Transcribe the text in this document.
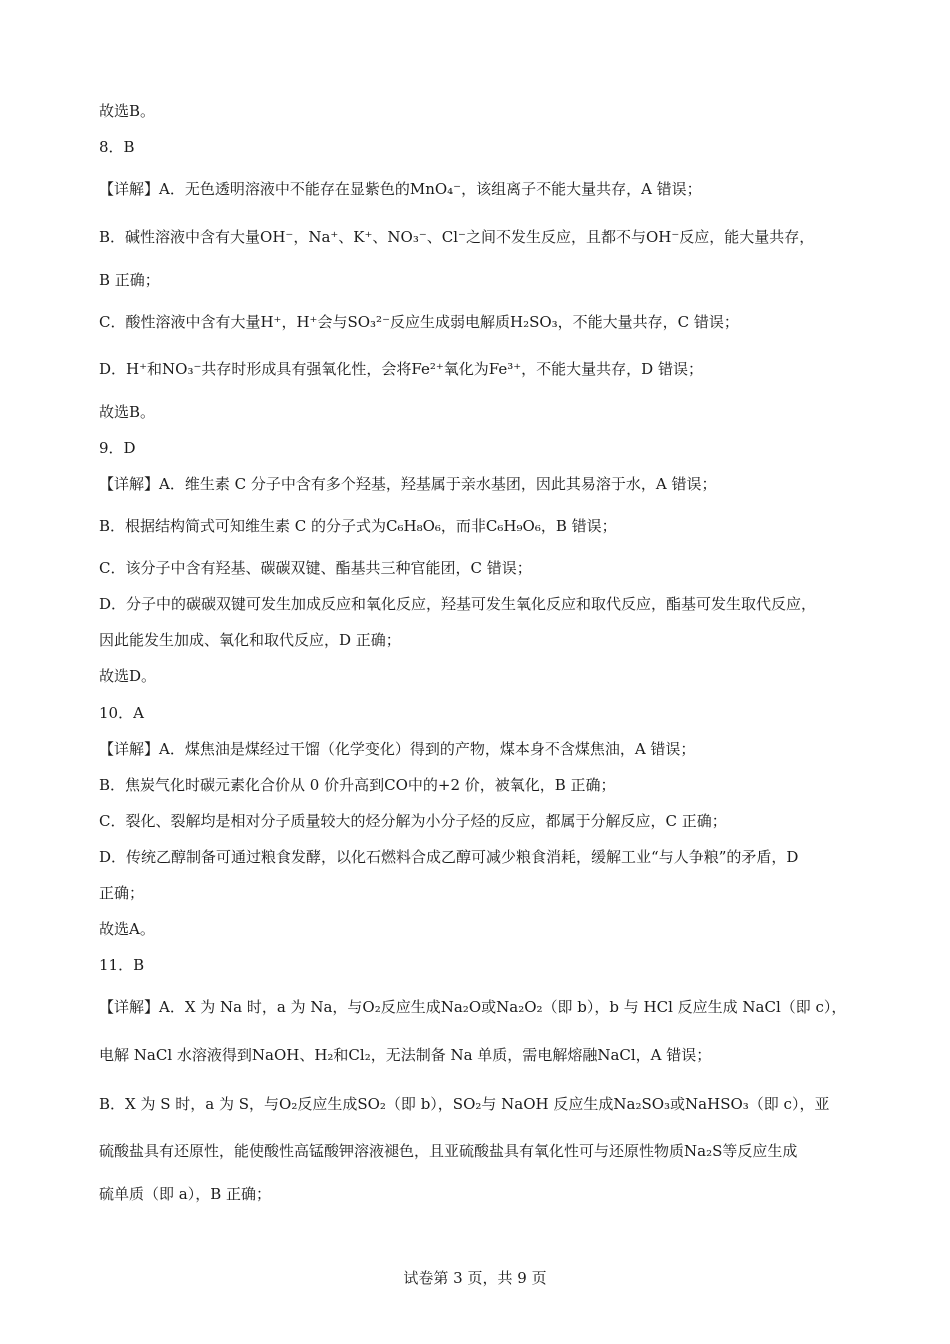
故选B。
8．B
【详解】A．无色透明溶液中不能存在显紫色的MnO₄⁻，该组离子不能大量共存，A 错误；
B．碱性溶液中含有大量OH⁻，Na⁺、K⁺、NO₃⁻、Cl⁻之间不发生反应，且都不与OH⁻反应，能大量共存，
B 正确；
C．酸性溶液中含有大量H⁺，H⁺会与SO₃²⁻反应生成弱电解质H₂SO₃，不能大量共存，C 错误；
D．H⁺和NO₃⁻共存时形成具有强氧化性，会将Fe²⁺氧化为Fe³⁺，不能大量共存，D 错误；
故选B。
9．D
【详解】A．维生素 C 分子中含有多个羟基，羟基属于亲水基团，因此其易溶于水，A 错误；
B．根据结构简式可知维生素 C 的分子式为C₆H₈O₆，而非C₆H₉O₆，B 错误；
C．该分子中含有羟基、碳碳双键、酯基共三种官能团，C 错误；
D．分子中的碳碳双键可发生加成反应和氧化反应，羟基可发生氧化反应和取代反应，酯基可发生取代反应，
因此能发生加成、氧化和取代反应，D 正确；
故选D。
10．A
【详解】A．煤焦油是煤经过干馏（化学变化）得到的产物，煤本身不含煤焦油，A 错误；
B．焦炭气化时碳元素化合价从 0 价升高到CO中的+2 价，被氧化，B 正确；
C．裂化、裂解均是相对分子质量较大的烃分解为小分子烃的反应，都属于分解反应，C 正确；
D．传统乙醇制备可通过粮食发酵，以化石燃料合成乙醇可减少粮食消耗，缓解工业“与人争粮”的矛盾，D
正确；
故选A。
11．B
【详解】A．X 为 Na 时，a 为 Na，与O₂反应生成Na₂O或Na₂O₂（即 b），b 与 HCl 反应生成 NaCl（即 c），
电解 NaCl 水溶液得到NaOH、H₂和Cl₂，无法制备 Na 单质，需电解熔融NaCl，A 错误；
B．X 为 S 时，a 为 S，与O₂反应生成SO₂（即 b），SO₂与 NaOH 反应生成Na₂SO₃或NaHSO₃（即 c），亚
硫酸盐具有还原性，能使酸性高锰酸钾溶液褪色，且亚硫酸盐具有氧化性可与还原性物质Na₂S等反应生成
硫单质（即 a），B 正确；
试卷第 3 页，共 9 页
